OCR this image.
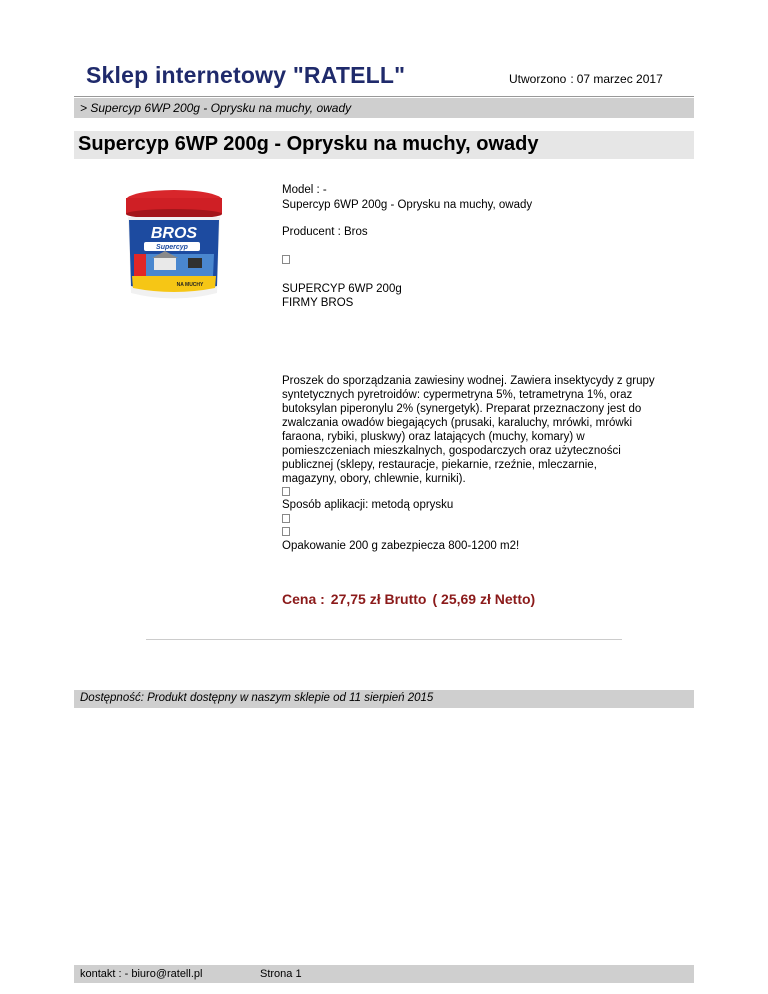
Sklep internetowy "RATELL"	Utworzono : 07 marzec 2017
> Supercyp 6WP 200g - Oprysku na muchy, owady
Supercyp 6WP 200g - Oprysku na muchy, owady
BROS
Supercyp
NA MUCHY
Model : -
Supercyp 6WP 200g - Oprysku na muchy, owady
Producent : Bros
SUPERCYP 6WP 200g
FIRMY BROS
Proszek do sporządzania zawiesiny wodnej. Zawiera insektycydy z grupy
syntetycznych pyretroidów: cypermetryna 5%, tetrametryna 1%, oraz
butoksylan piperonylu 2% (synergetyk). Preparat przeznaczony jest do
zwalczania owadów biegających (prusaki, karaluchy, mrówki, mrówki
faraona, rybiki, pluskwy) oraz latających (muchy, komary) w
pomieszczeniach mieszkalnych, gospodarczych oraz użyteczności
publicznej (sklepy, restauracje, piekarnie, rzeźnie, mleczarnie,
magazyny, obory, chlewnie, kurniki).
Sposób aplikacji: metodą oprysku
Opakowanie 200 g zabezpiecza 800-1200 m2!
Cena : 27,75 zł Brutto ( 25,69 zł Netto)
Dostępność: Produkt dostępny w naszym sklepie od 11 sierpień 2015
kontakt : - biuro@ratell.pl	Strona 1
